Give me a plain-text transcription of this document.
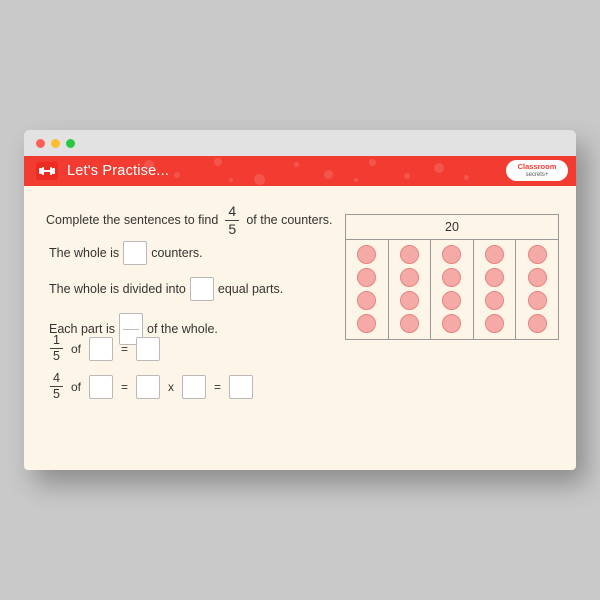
Let's Practise...	Classroom
secrets+
Complete the sentences to find $\frac{4}{5}$ of the counters.
The whole is	counters.
The whole is divided into	equal parts.
Each part is	of the whole.
$\frac{1}{5}$ of	=
$\frac{4}{5}$ of	=	x	=
20
